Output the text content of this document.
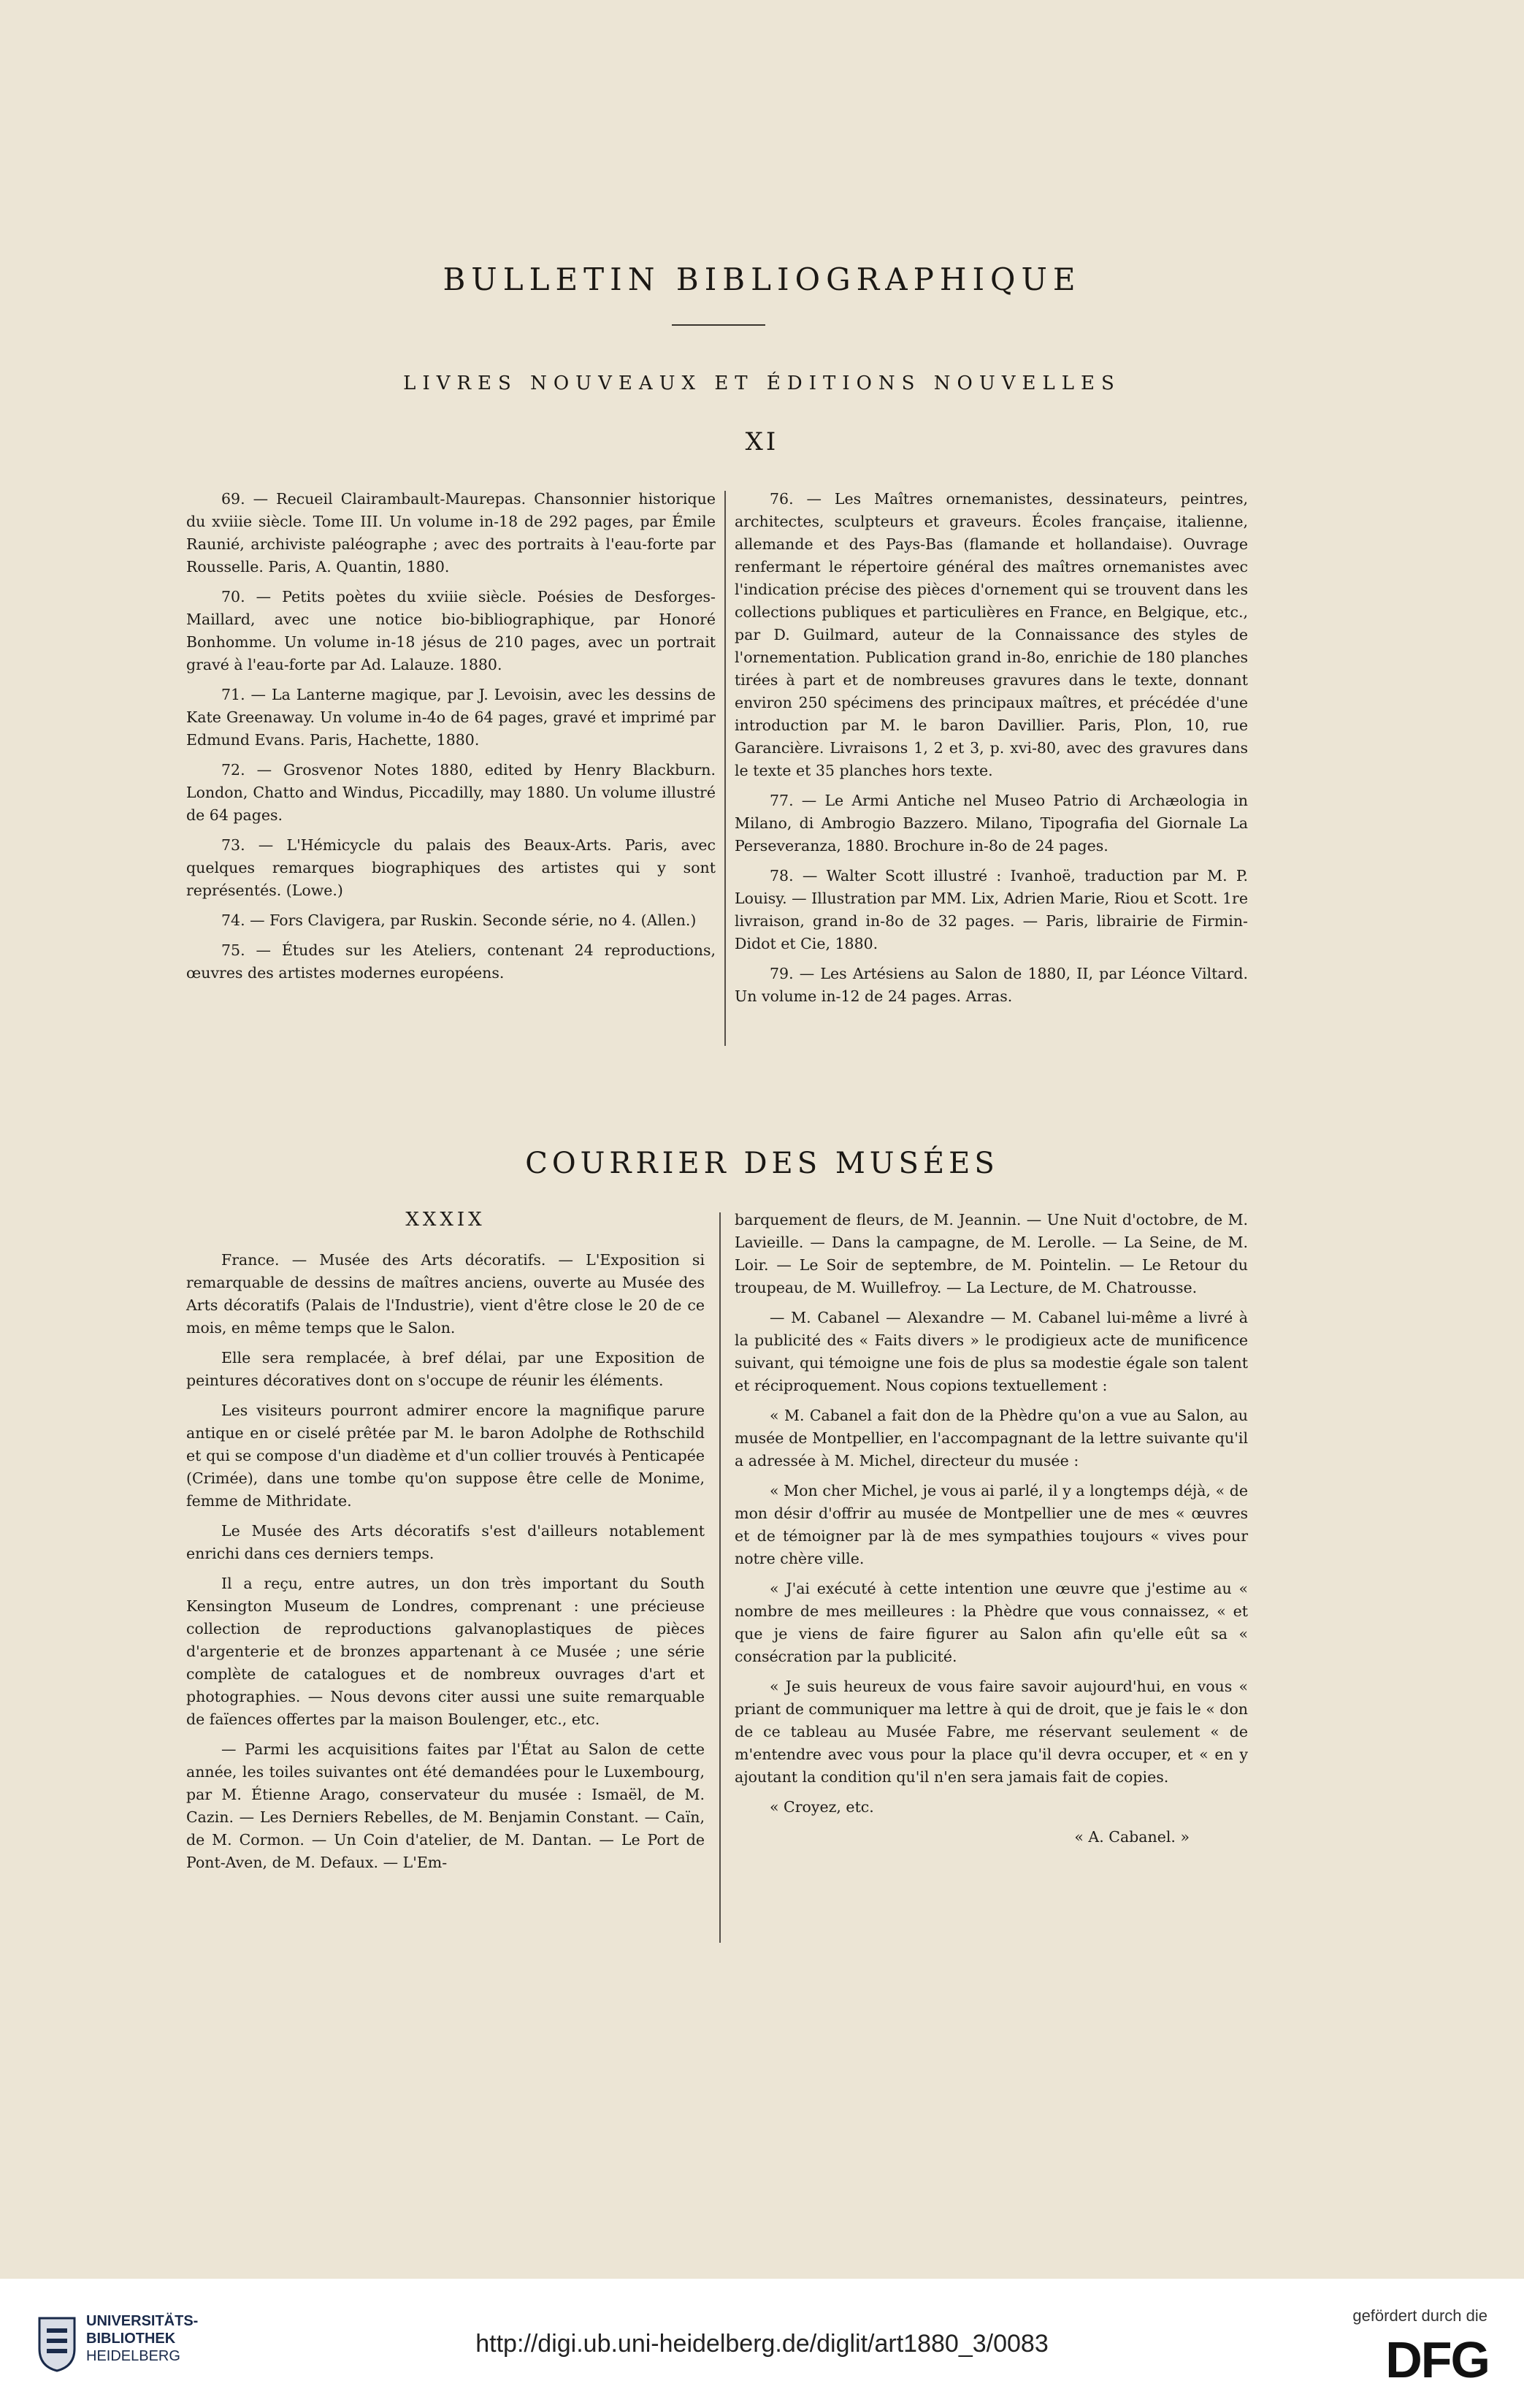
BULLETIN BIBLIOGRAPHIQUE
LIVRES NOUVEAUX ET ÉDITIONS NOUVELLES
XI

69. — Recueil Clairambault-Maurepas. Chansonnier historique du xviiie siècle. Tome III. Un volume in-18 de 292 pages, par Émile Raunié, archiviste paléographe ; avec des portraits à l'eau-forte par Rousselle. Paris, A. Quantin, 1880.

70. — Petits poètes du xviiie siècle. Poésies de Desforges-Maillard, avec une notice bio-bibliographique, par Honoré Bonhomme. Un volume in-18 jésus de 210 pages, avec un portrait gravé à l'eau-forte par Ad. Lalauze. 1880.

71. — La Lanterne magique, par J. Levoisin, avec les dessins de Kate Greenaway. Un volume in-4o de 64 pages, gravé et imprimé par Edmund Evans. Paris, Hachette, 1880.

72. — Grosvenor Notes 1880, edited by Henry Blackburn. London, Chatto and Windus, Piccadilly, may 1880. Un volume illustré de 64 pages.

73. — L'Hémicycle du palais des Beaux-Arts. Paris, avec quelques remarques biographiques des artistes qui y sont représentés. (Lowe.)

74. — Fors Clavigera, par Ruskin. Seconde série, no 4. (Allen.)

75. — Études sur les Ateliers, contenant 24 reproductions, œuvres des artistes modernes européens.

76. — Les Maîtres ornemanistes, dessinateurs, peintres, architectes, sculpteurs et graveurs. Écoles française, italienne, allemande et des Pays-Bas (flamande et hollandaise). Ouvrage renfermant le répertoire général des maîtres ornemanistes avec l'indication précise des pièces d'ornement qui se trouvent dans les collections publiques et particulières en France, en Belgique, etc., par D. Guilmard, auteur de la Connaissance des styles de l'ornementation. Publication grand in-8o, enrichie de 180 planches tirées à part et de nombreuses gravures dans le texte, donnant environ 250 spécimens des principaux maîtres, et précédée d'une introduction par M. le baron Davillier. Paris, Plon, 10, rue Garancière. Livraisons 1, 2 et 3, p. xvi-80, avec des gravures dans le texte et 35 planches hors texte.

77. — Le Armi Antiche nel Museo Patrio di Archæologia in Milano, di Ambrogio Bazzero. Milano, Tipografia del Giornale La Perseveranza, 1880. Brochure in-8o de 24 pages.

78. — Walter Scott illustré : Ivanhoë, traduction par M. P. Louisy. — Illustration par MM. Lix, Adrien Marie, Riou et Scott. 1re livraison, grand in-8o de 32 pages. — Paris, librairie de Firmin-Didot et Cie, 1880.

79. — Les Artésiens au Salon de 1880, II, par Léonce Viltard. Un volume in-12 de 24 pages. Arras.

COURRIER DES MUSÉES

XXXIX

France. — Musée des Arts décoratifs. — L'Exposition si remarquable de dessins de maîtres anciens, ouverte au Musée des Arts décoratifs (Palais de l'Industrie), vient d'être close le 20 de ce mois, en même temps que le Salon.

Elle sera remplacée, à bref délai, par une Exposition de peintures décoratives dont on s'occupe de réunir les éléments.

Les visiteurs pourront admirer encore la magnifique parure antique en or ciselé prêtée par M. le baron Adolphe de Rothschild et qui se compose d'un diadème et d'un collier trouvés à Penticapée (Crimée), dans une tombe qu'on suppose être celle de Monime, femme de Mithridate.

Le Musée des Arts décoratifs s'est d'ailleurs notablement enrichi dans ces derniers temps.

Il a reçu, entre autres, un don très important du South Kensington Museum de Londres, comprenant : une précieuse collection de reproductions galvanoplastiques de pièces d'argenterie et de bronzes appartenant à ce Musée ; une série complète de catalogues et de nombreux ouvrages d'art et photographies. — Nous devons citer aussi une suite remarquable de faïences offertes par la maison Boulenger, etc., etc.

— Parmi les acquisitions faites par l'État au Salon de cette année, les toiles suivantes ont été demandées pour le Luxembourg, par M. Étienne Arago, conservateur du musée : Ismaël, de M. Cazin. — Les Derniers Rebelles, de M. Benjamin Constant. — Caïn, de M. Cormon. — Un Coin d'atelier, de M. Dantan. — Le Port de Pont-Aven, de M. Defaux. — L'Em-

barquement de fleurs, de M. Jeannin. — Une Nuit d'octobre, de M. Lavieille. — Dans la campagne, de M. Lerolle. — La Seine, de M. Loir. — Le Soir de septembre, de M. Pointelin. — Le Retour du troupeau, de M. Wuillefroy. — La Lecture, de M. Chatrousse.

— M. Cabanel — Alexandre — M. Cabanel lui-même a livré à la publicité des « Faits divers » le prodigieux acte de munificence suivant, qui témoigne une fois de plus sa modestie égale son talent et réciproquement. Nous copions textuellement :

« M. Cabanel a fait don de la Phèdre qu'on a vue au Salon, au musée de Montpellier, en l'accompagnant de la lettre suivante qu'il a adressée à M. Michel, directeur du musée :

« Mon cher Michel, je vous ai parlé, il y a longtemps déjà, « de mon désir d'offrir au musée de Montpellier une de mes « œuvres et de témoigner par là de mes sympathies toujours « vives pour notre chère ville.

« J'ai exécuté à cette intention une œuvre que j'estime au « nombre de mes meilleures : la Phèdre que vous connaissez, « et que je viens de faire figurer au Salon afin qu'elle eût sa « consécration par la publicité.

« Je suis heureux de vous faire savoir aujourd'hui, en vous « priant de communiquer ma lettre à qui de droit, que je fais le « don de ce tableau au Musée Fabre, me réservant seulement « de m'entendre avec vous pour la place qu'il devra occuper, et « en y ajoutant la condition qu'il n'en sera jamais fait de copies.

« Croyez, etc.

« A. Cabanel. »

UNIVERSITÄTS-
BIBLIOTHEK
HEIDELBERG	http://digi.ub.uni-heidelberg.de/diglit/art1880_3/0083
gefördert durch die
DFG
